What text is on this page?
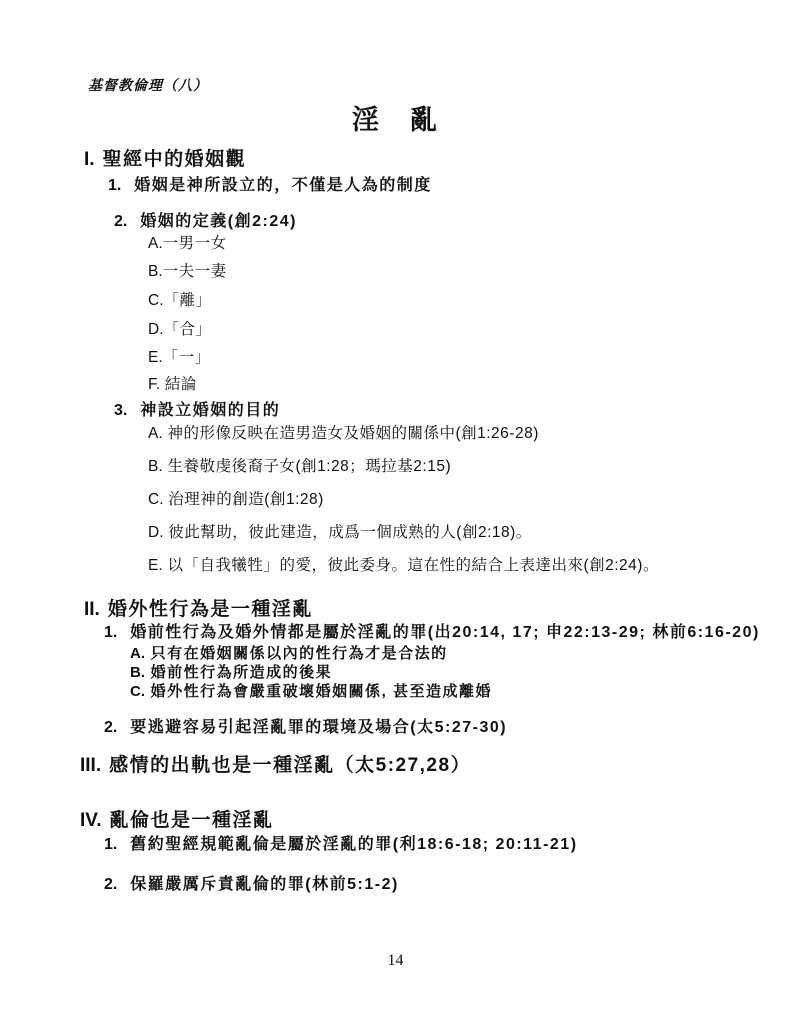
基督教倫理（八）
淫　亂
I. 聖經中的婚姻觀
1. 婚姻是神所設立的，不僅是人為的制度
2. 婚姻的定義(創2:24)
A.一男一女
B.一夫一妻
C.「離」
D.「合」
E.「一」
F. 結論
3. 神設立婚姻的目的
A. 神的形像反映在造男造女及婚姻的關係中(創1:26-28)
B. 生養敬虔後裔子女(創1:28；瑪拉基2:15)
C. 治理神的創造(創1:28)
D. 彼此幫助，彼此建造，成爲一個成熟的人(創2:18)。
E. 以「自我犧牲」的愛，彼此委身。這在性的結合上表達出來(創2:24)。
II. 婚外性行為是一種淫亂
1. 婚前性行為及婚外情都是屬於淫亂的罪(出20:14, 17; 申22:13-29; 林前6:16-20)
A. 只有在婚姻關係以內的性行為才是合法的
B. 婚前性行為所造成的後果
C. 婚外性行為會嚴重破壞婚姻關係, 甚至造成離婚
2. 要逃避容易引起淫亂罪的環境及場合(太5:27-30)
III. 感情的出軌也是一種淫亂（太5:27,28）
IV. 亂倫也是一種淫亂
1. 舊約聖經規範亂倫是屬於淫亂的罪(利18:6-18; 20:11-21)
2. 保羅嚴厲斥責亂倫的罪(林前5:1-2)
14
